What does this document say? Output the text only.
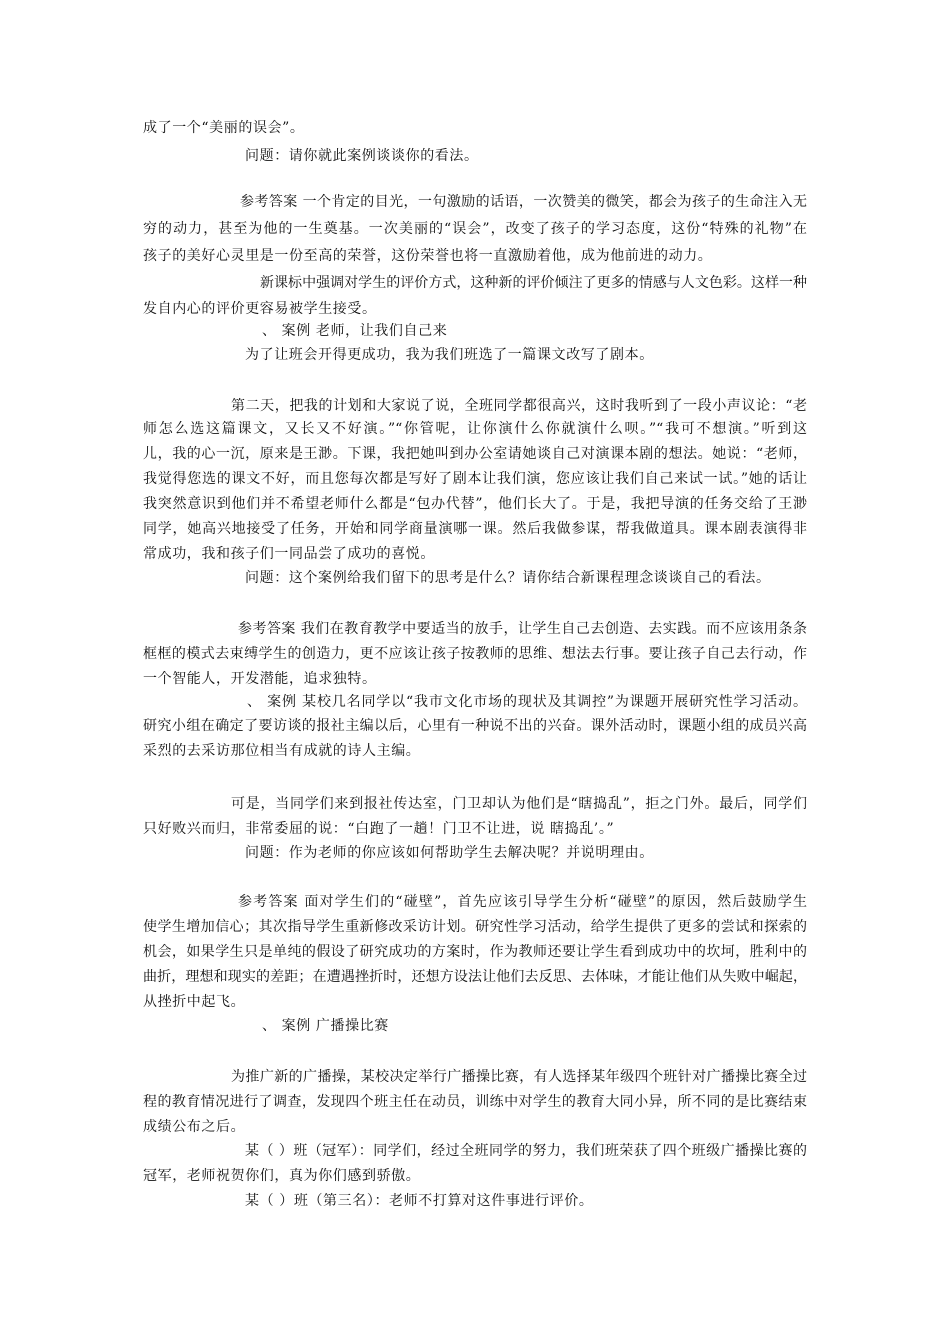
成了一个“美丽的误会”。
问题：请你就此案例谈谈你的看法。
参考答案 一个肯定的目光，一句激励的话语，一次赞美的微笑，都会为孩子的生命注入无
穷的动力，甚至为他的一生奠基。一次美丽的“误会”，改变了孩子的学习态度，这份“特殊的礼物”在
孩子的美好心灵里是一份至高的荣誉，这份荣誉也将一直激励着他，成为他前进的动力。
新课标中强调对学生的评价方式，这种新的评价倾注了更多的情感与人文色彩。这样一种
发自内心的评价更容易被学生接受。
、 案例 老师，让我们自己来
为了让班会开得更成功，我为我们班选了一篇课文改写了剧本。
第二天，把我的计划和大家说了说，全班同学都很高兴，这时我听到了一段小声议论：“老
师怎么选这篇课文，又长又不好演。”“你管呢，让你演什么你就演什么呗。”“我可不想演。”听到这
儿，我的心一沉，原来是王渺。下课，我把她叫到办公室请她谈自己对演课本剧的想法。她说：“老师，
我觉得您选的课文不好，而且您每次都是写好了剧本让我们演，您应该让我们自己来试一试。”她的话让
我突然意识到他们并不希望老师什么都是“包办代替”，他们长大了。于是，我把导演的任务交给了王渺
同学，她高兴地接受了任务，开始和同学商量演哪一课。然后我做参谋，帮我做道具。课本剧表演得非
常成功，我和孩子们一同品尝了成功的喜悦。
问题：这个案例给我们留下的思考是什么？请你结合新课程理念谈谈自己的看法。
参考答案 我们在教育教学中要适当的放手，让学生自己去创造、去实践。而不应该用条条
框框的模式去束缚学生的创造力，更不应该让孩子按教师的思维、想法去行事。要让孩子自己去行动，作
一个智能人，开发潜能，追求独特。
、 案例 某校几名同学以“我市文化市场的现状及其调控”为课题开展研究性学习活动。
研究小组在确定了要访谈的报社主编以后，心里有一种说不出的兴奋。课外活动时，课题小组的成员兴高
采烈的去采访那位相当有成就的诗人主编。
可是，当同学们来到报社传达室，门卫却认为他们是“瞎捣乱”，拒之门外。最后，同学们
只好败兴而归，非常委屈的说：“白跑了一趟！门卫不让进，说 瞎捣乱’。”
问题：作为老师的你应该如何帮助学生去解决呢？并说明理由。
参考答案 面对学生们的“碰壁”，首先应该引导学生分析“碰壁”的原因，然后鼓励学生
使学生增加信心；其次指导学生重新修改采访计划。研究性学习活动，给学生提供了更多的尝试和探索的
机会，如果学生只是单纯的假设了研究成功的方案时，作为教师还要让学生看到成功中的坎坷，胜利中的
曲折，理想和现实的差距；在遭遇挫折时，还想方设法让他们去反思、去体味，才能让他们从失败中崛起，
从挫折中起飞。
、 案例 广播操比赛
为推广新的广播操，某校决定举行广播操比赛，有人选择某年级四个班针对广播操比赛全过
程的教育情况进行了调查，发现四个班主任在动员，训练中对学生的教育大同小异，所不同的是比赛结束
成绩公布之后。
某（ ）班（冠军）：同学们，经过全班同学的努力，我们班荣获了四个班级广播操比赛的
冠军，老师祝贺你们，真为你们感到骄傲。
某（ ）班（第三名）：老师不打算对这件事进行评价。
